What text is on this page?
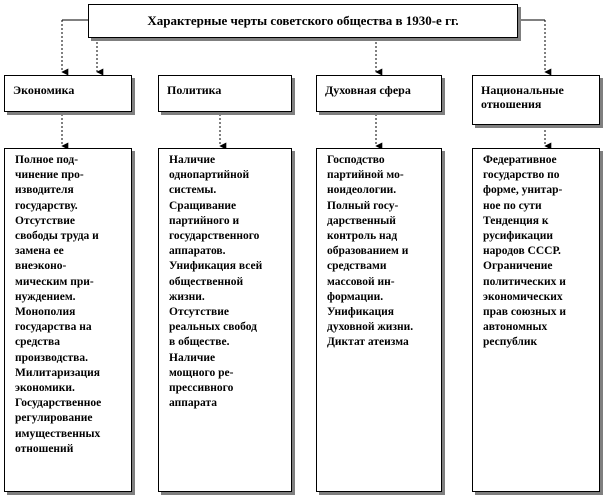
Характерные черты советского общества в 1930-е гг.
Экономика	Политика	Духовная сфера	Национальные отношения
Полное под-
чинение про-
изводителя
государству.
Отсутствие
свободы труда и
замена ее
внеэконо-
мическим при-
нуждением.
Монополия
государства на
средства
производства.
Милитаризация
экономики.
Государственное
регулирование
имущественных
отношений
Наличие
однопартийной
системы.
Сращивание
партийного и
государственного
аппаратов.
Унификация всей
общественной
жизни.
Отсутствие
реальных свобод
в обществе.
Наличие
мощного ре-
прессивного
аппарата
Господство
партийной мо-
ноидеологии.
Полный госу-
дарственный
контроль над
образованием и
средствами
массовой ин-
формации.
Унификация
духовной жизни.
Диктат атеизма
Федеративное
государство по
форме, унитар-
ное по сути
Тенденция к
русификации
народов СССР.
Ограничение
политических и
экономических
прав союзных и
автономных
республик
